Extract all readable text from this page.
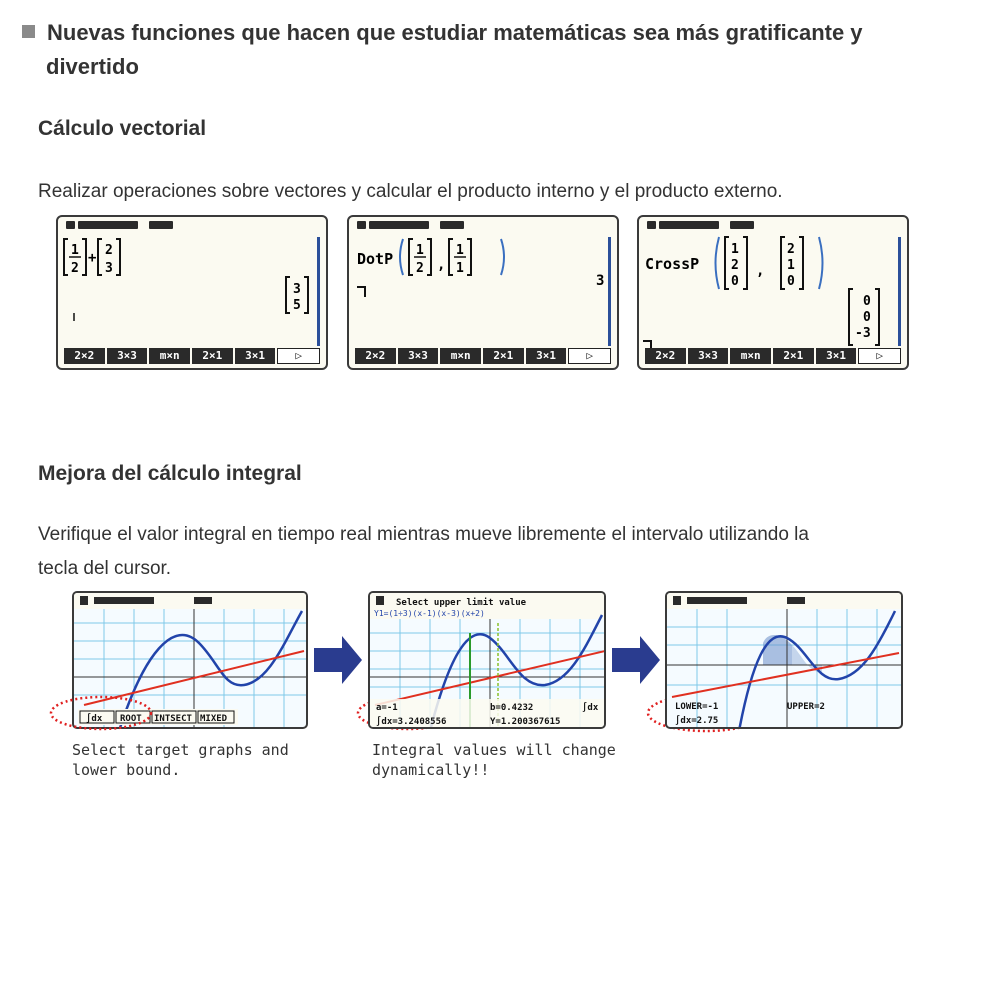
Nuevas funciones que hacen que estudiar matemáticas sea más gratificante y
divertido
Cálculo vectorial

Realizar operaciones sobre vectores y calcular el producto interno y el producto externo.

1
2
+ 2
3
3
5
2×2	3×3	m×n	2×1	3×1	▷
DotP 1
2 ,
1
1
3
2×2	3×3	m×n	2×1	3×1	▷
CrossP
1
2
0
,
2
1
0
0
0
-3
2×2	3×3	m×n	2×1	3×1	▷
Mejora del cálculo integral

Verifique el valor integral en tiempo real mientras mueve libremente el intervalo utilizando la
tecla del cursor.

∫dx ROOT INTSECT MIXED

Select target graphs and
lower bound.

Select upper limit value
Y1=(1÷3)(x-1)(x-3)(x+2)
a=-1	b=0.4232	∫dx
∫dx=3.2408556	Y=1.200367615

Integral values will change
dynamically!!

LOWER=-1	UPPER=2
∫dx=2.75
